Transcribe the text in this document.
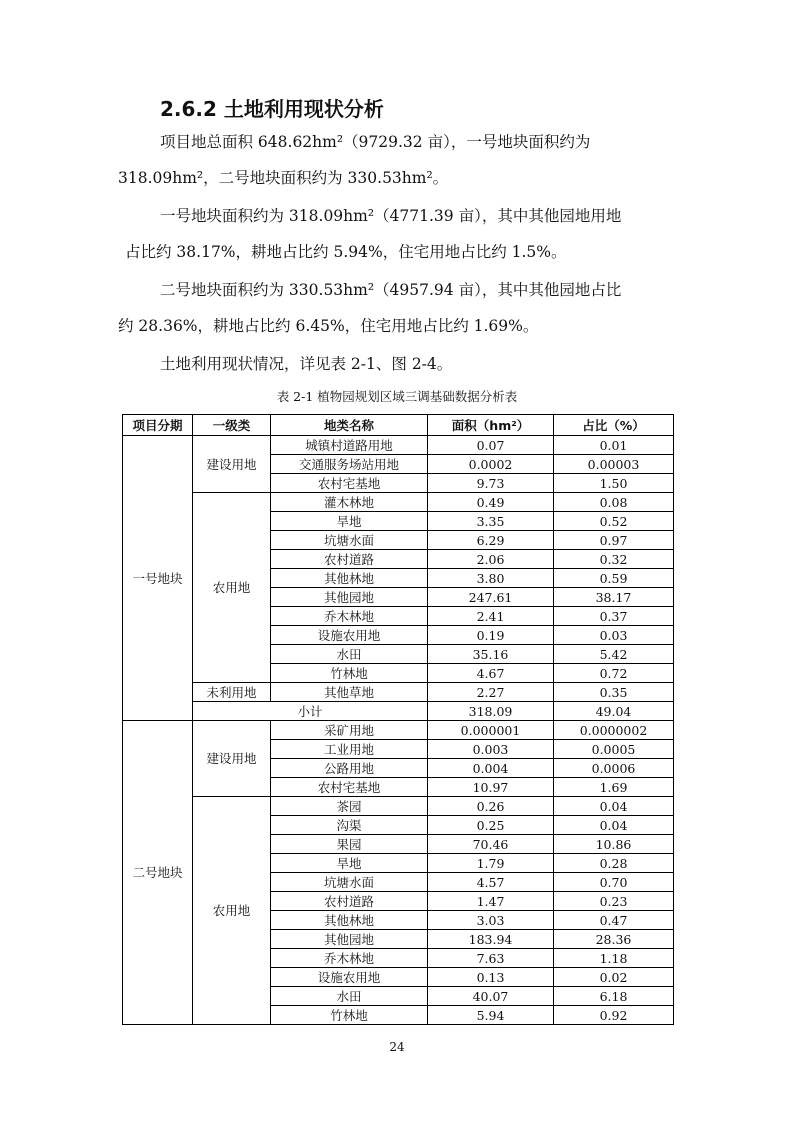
2.6.2 土地利用现状分析
项目地总面积 648.62hm²（9729.32 亩），一号地块面积约为
318.09hm²，二号地块面积约为 330.53hm²。
一号地块面积约为 318.09hm²（4771.39 亩），其中其他园地用地
占比约 38.17%，耕地占比约 5.94%，住宅用地占比约 1.5%。
二号地块面积约为 330.53hm²（4957.94 亩），其中其他园地占比
约 28.36%，耕地占比约 6.45%，住宅用地占比约 1.69%。
土地利用现状情况，详见表 2-1、图 2-4。
表 2-1 植物园规划区域三调基础数据分析表
项目分期	一级类	地类名称	面积（hm²）	占比（%）
一号地块	建设用地	城镇村道路用地	0.07	0.01
		交通服务场站用地	0.0002	0.00003
		农村宅基地	9.73	1.50
	农用地	灌木林地	0.49	0.08
		旱地	3.35	0.52
		坑塘水面	6.29	0.97
		农村道路	2.06	0.32
		其他林地	3.80	0.59
		其他园地	247.61	38.17
		乔木林地	2.41	0.37
		设施农用地	0.19	0.03
		水田	35.16	5.42
		竹林地	4.67	0.72
	未利用地	其他草地	2.27	0.35
	小计		318.09	49.04
二号地块	建设用地	采矿用地	0.000001	0.0000002
		工业用地	0.003	0.0005
		公路用地	0.004	0.0006
		农村宅基地	10.97	1.69
	农用地	茶园	0.26	0.04
		沟渠	0.25	0.04
		果园	70.46	10.86
		旱地	1.79	0.28
		坑塘水面	4.57	0.70
		农村道路	1.47	0.23
		其他林地	3.03	0.47
		其他园地	183.94	28.36
		乔木林地	7.63	1.18
		设施农用地	0.13	0.02
		水田	40.07	6.18
		竹林地	5.94	0.92
24
